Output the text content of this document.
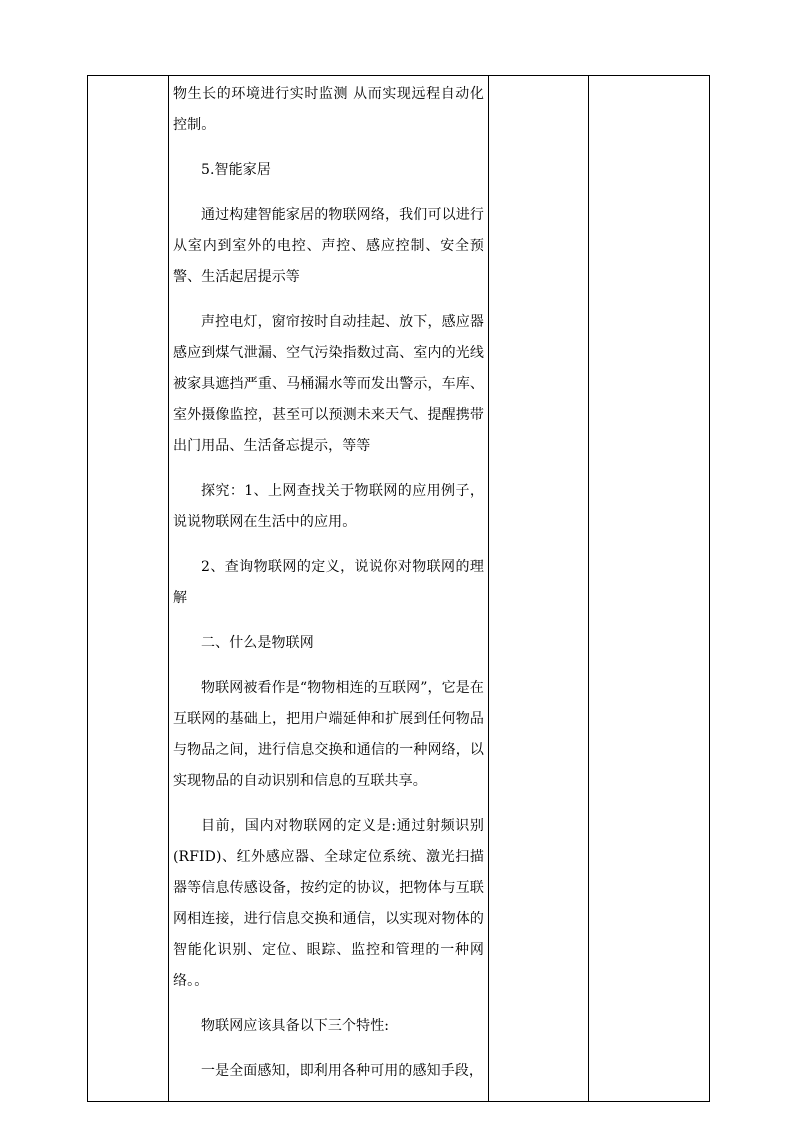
物生长的环境进行实时监测 从而实现远程自动化控制。

5.智能家居

通过构建智能家居的物联网络，我们可以进行从室内到室外的电控、声控、感应控制、安全预警、生活起居提示等

声控电灯，窗帘按时自动挂起、放下，感应器感应到煤气泄漏、空气污染指数过高、室内的光线被家具遮挡严重、马桶漏水等而发出警示，车库、室外摄像监控，甚至可以预测未来天气、提醒携带出门用品、生活备忘提示，等等

探究：1、上网查找关于物联网的应用例子，说说物联网在生活中的应用。

2、查询物联网的定义，说说你对物联网的理解

二、什么是物联网

物联网被看作是“物物相连的互联网”，它是在互联网的基础上，把用户端延伸和扩展到任何物品与物品之间，进行信息交换和通信的一种网络，以实现物品的自动识别和信息的互联共享。

目前，国内对物联网的定义是:通过射频识别(RFID)、红外感应器、全球定位系统、激光扫描器等信息传感设备，按约定的协议，把物体与互联网相连接，进行信息交换和通信，以实现对物体的智能化识别、定位、眼踪、监控和管理的一种网络。。

物联网应该具备以下三个特性:

一是全面感知，即利用各种可用的感知手段，
